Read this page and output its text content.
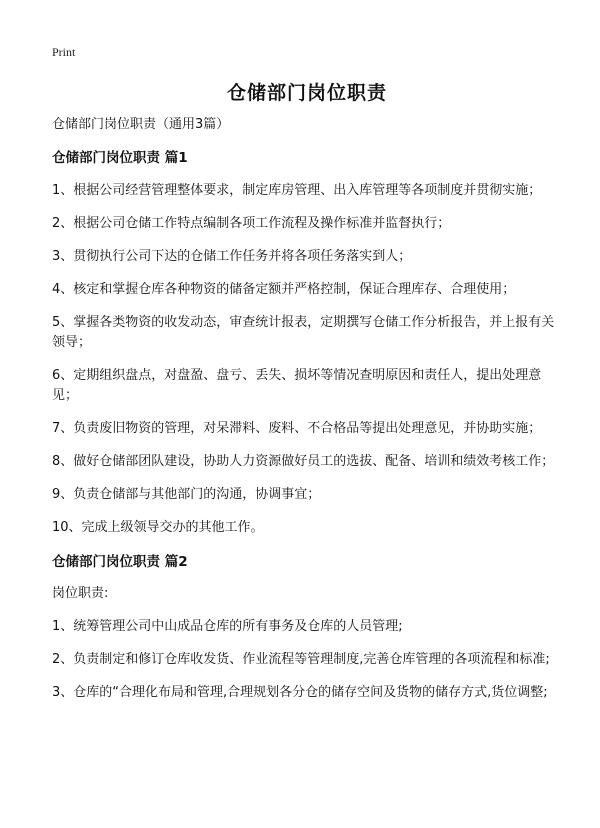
Print

仓储部门岗位职责

仓储部门岗位职责（通用3篇）

仓储部门岗位职责 篇1
1、根据公司经营管理整体要求，制定库房管理、出入库管理等各项制度并贯彻实施；
2、根据公司仓储工作特点编制各项工作流程及操作标准并监督执行；
3、贯彻执行公司下达的仓储工作任务并将各项任务落实到人；
4、核定和掌握仓库各种物资的储备定额并严格控制，保证合理库存、合理使用；
5、掌握各类物资的收发动态，审查统计报表，定期撰写仓储工作分析报告，并上报有关领导；
6、定期组织盘点，对盘盈、盘亏、丢失、损坏等情况查明原因和责任人，提出处理意见；
7、负责废旧物资的管理，对呆滞料、废料、不合格品等提出处理意见，并协助实施；
8、做好仓储部团队建设，协助人力资源做好员工的选拔、配备、培训和绩效考核工作；
9、负责仓储部与其他部门的沟通，协调事宜；
10、完成上级领导交办的其他工作。
仓储部门岗位职责 篇2

岗位职责:

1、统筹管理公司中山成品仓库的所有事务及仓库的人员管理;
2、负责制定和修订仓库收发货、作业流程等管理制度,完善仓库管理的各项流程和标准;
3、仓库的“合理化布局和管理,合理规划各分仓的储存空间及货物的储存方式,货位调整;
